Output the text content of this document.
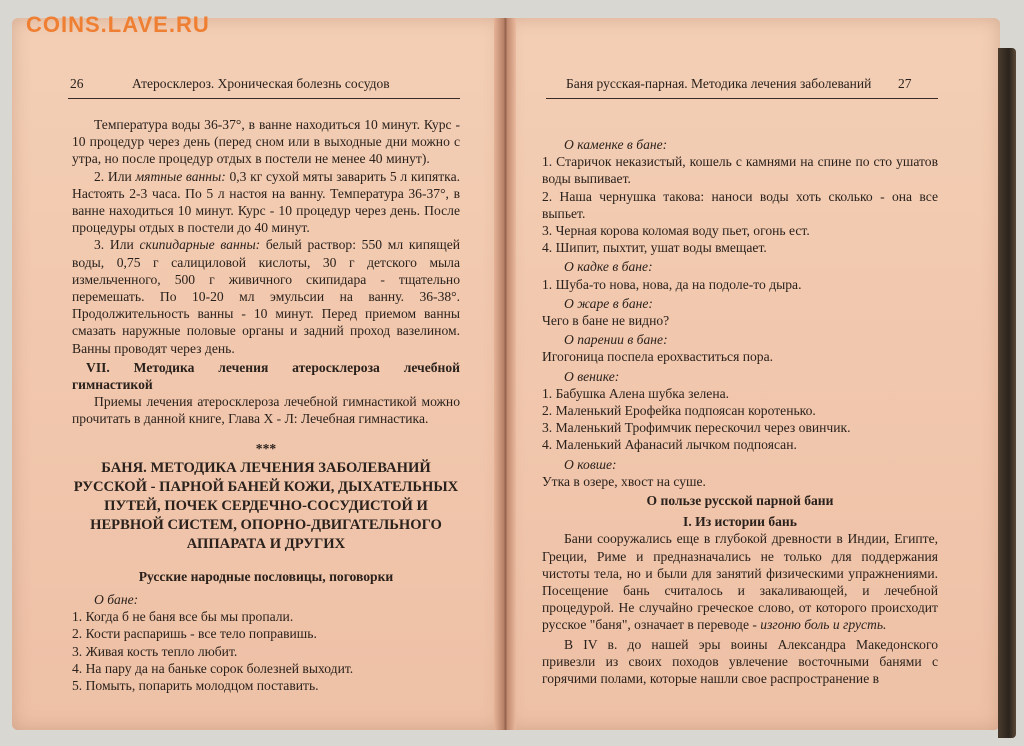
COINS.LAVE.RU
26	Атеросклероз. Хроническая болезнь сосудов

Температура воды 36-37°, в ванне находиться 10 минут. Курс - 10 процедур через день (перед сном или в выходные дни можно с утра, но после процедур отдых в постели не менее 40 минут).

2. Или мятные ванны: 0,3 кг сухой мяты заварить 5 л кипятка. Настоять 2-3 часа. По 5 л настоя на ванну. Температура 36-37°, в ванне находиться 10 минут. Курс - 10 процедур через день. После процедуры отдых в постели до 40 минут.

3. Или скипидарные ванны: белый раствор: 550 мл кипящей воды, 0,75 г салициловой кислоты, 30 г детского мыла измельченного, 500 г живичного скипидара - тщательно перемешать. По 10-20 мл эмульсии на ванну. 36-38°. Продолжительность ванны - 10 минут. Перед приемом ванны смазать наружные половые органы и задний проход вазелином. Ванны проводят через день.

VII. Методика лечения атеросклероза лечебной гимнастикой

Приемы лечения атеросклероза лечебной гимнастикой можно прочитать в данной книге, Глава Х - Л: Лечебная гимнастика.

***

БАНЯ. МЕТОДИКА ЛЕЧЕНИЯ ЗАБОЛЕВАНИЙ РУССКОЙ - ПАРНОЙ БАНЕЙ КОЖИ, ДЫХАТЕЛЬНЫХ ПУТЕЙ, ПОЧЕК СЕРДЕЧНО-СОСУДИСТОЙ И НЕРВНОЙ СИСТЕМ, ОПОРНО-ДВИГАТЕЛЬНОГО АППАРАТА И ДРУГИХ

Русские народные пословицы, поговорки

О бане:

1. Когда б не баня все бы мы пропали.

2. Кости распаришь - все тело поправишь.

3. Живая кость тепло любит.

4. На пару да на баньке сорок болезней выходит.

5. Помыть, попарить молодцом поставить.

Баня русская-парная. Методика лечения заболеваний 27

О каменке в бане:

1. Старичок неказистый, кошель с камнями на спине по сто ушатов воды выпивает.

2. Наша чернушка такова: наноси воды хоть сколько - она все выпьет.

3. Черная корова коломая воду пьет, огонь ест.

4. Шипит, пыхтит, ушат воды вмещает.

О кадке в бане:

1. Шуба-то нова, нова, да на подоле-то дыра.

О жаре в бане:

Чего в бане не видно?

О парении в бане:

Игогоница поспела ерохвaститься пора.

О венике:

1. Бабушка Алена шубка зелена.

2. Маленький Ерофейка подпоясан коротенько.

3. Маленький Трофимчик перескочил через овинчик.

4. Маленький Афанасий лычком подпоясан.

О ковше:

Утка в озере, хвост на суше.

О пользе русской парной бани

I. Из истории бань

Бани сооружались еще в глубокой древности в Индии, Египте, Греции, Риме и предназначались не только для поддержания чистоты тела, но и были для занятий физическими упражнениями. Посещение бань считалось и закаливающей, и лечебной процедурой. Не случайно греческое слово, от которого происходит русское "баня", означает в переводе - изгоню боль и грусть.

В IV в. до нашей эры воины Александра Македонского привезли из своих походов увлечение восточными банями с горячими полами, которые нашли свое распространение в
